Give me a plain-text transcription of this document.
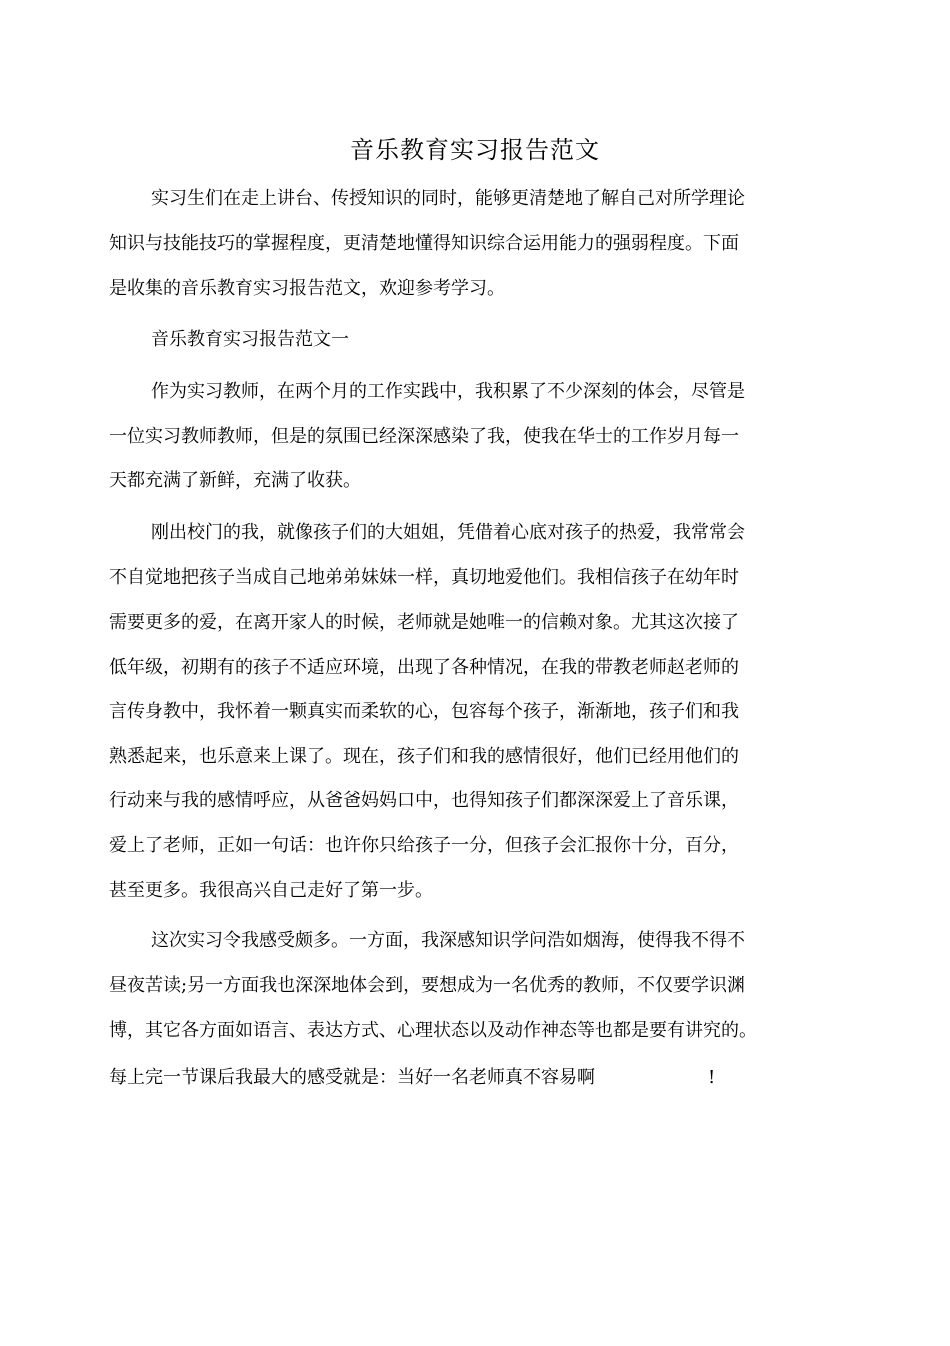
音乐教育实习报告范文

实习生们在走上讲台、传授知识的同时，能够更清楚地了解自己对所学理论

知识与技能技巧的掌握程度，更清楚地懂得知识综合运用能力的强弱程度。下面

是收集的音乐教育实习报告范文，欢迎参考学习。

音乐教育实习报告范文一

作为实习教师，在两个月的工作实践中，我积累了不少深刻的体会，尽管是

一位实习教师教师，但是的氛围已经深深感染了我，使我在华士的工作岁月每一

天都充满了新鲜，充满了收获。

刚出校门的我，就像孩子们的大姐姐，凭借着心底对孩子的热爱，我常常会

不自觉地把孩子当成自己地弟弟妹妹一样，真切地爱他们。我相信孩子在幼年时

需要更多的爱，在离开家人的时候，老师就是她唯一的信赖对象。尤其这次接了

低年级，初期有的孩子不适应环境，出现了各种情况，在我的带教老师赵老师的

言传身教中，我怀着一颗真实而柔软的心，包容每个孩子，渐渐地，孩子们和我

熟悉起来，也乐意来上课了。现在，孩子们和我的感情很好，他们已经用他们的

行动来与我的感情呼应，从爸爸妈妈口中，也得知孩子们都深深爱上了音乐课，

爱上了老师，正如一句话：也许你只给孩子一分，但孩子会汇报你十分，百分，

甚至更多。我很高兴自己走好了第一步。

这次实习令我感受颇多。一方面，我深感知识学问浩如烟海，使得我不得不

昼夜苦读;另一方面我也深深地体会到，要想成为一名优秀的教师，不仅要学识渊

博，其它各方面如语言、表达方式、心理状态以及动作神态等也都是要有讲究的。

每上完一节课后我最大的感受就是：当好一名老师真不容易啊	!
